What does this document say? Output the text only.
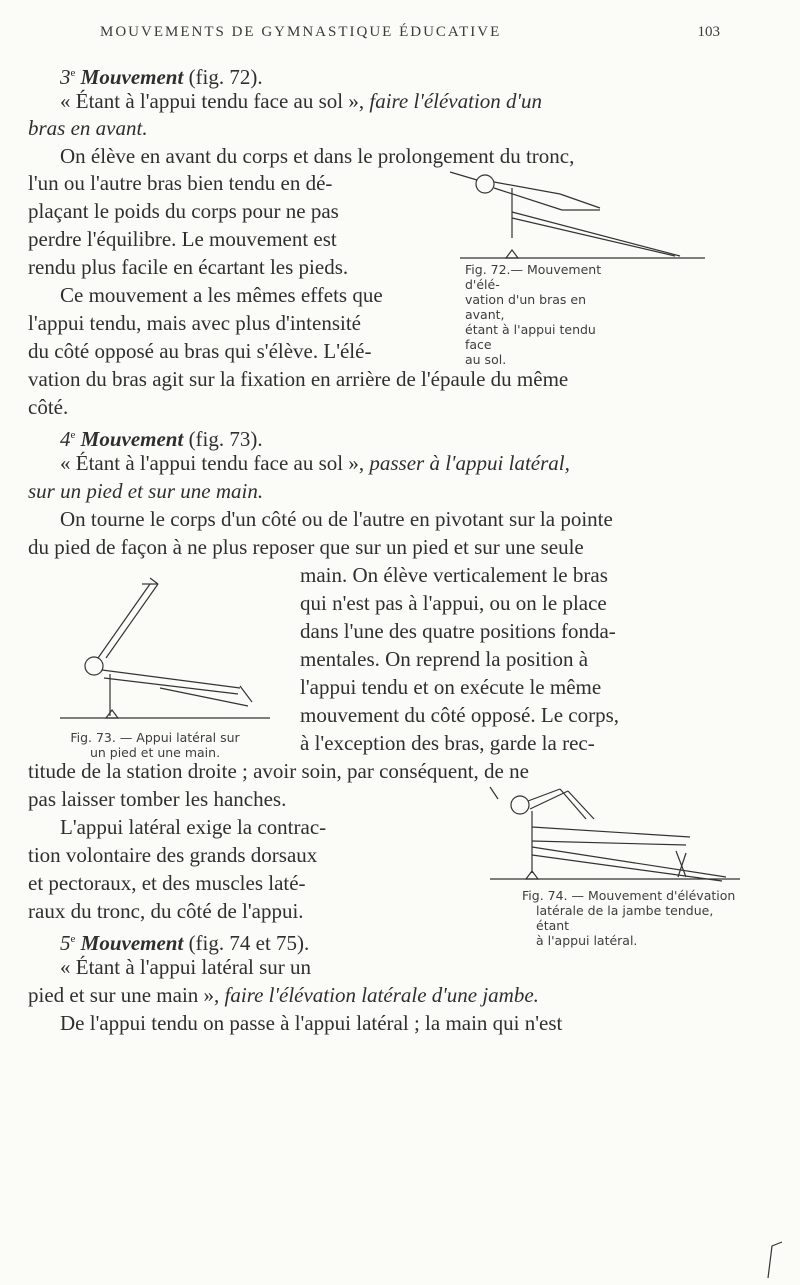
MOUVEMENTS DE GYMNASTIQUE ÉDUCATIVE	103
3e Mouvement (fig. 72).
« Étant à l'appui tendu face au sol », faire l'élévation d'un
bras en avant.
On élève en avant du corps et dans le prolongement du tronc,
l'un ou l'autre bras bien tendu en dé-
plaçant le poids du corps pour ne pas
perdre l'équilibre. Le mouvement est
rendu plus facile en écartant les pieds.
Ce mouvement a les mêmes effets que
l'appui tendu, mais avec plus d'intensité
du côté opposé au bras qui s'élève. L'élé-
vation du bras agit sur la fixation en arrière de l'épaule du même
côté.
Fig. 72.— Mouvement d'élé-
vation d'un bras en avant,
étant à l'appui tendu face
au sol.
4e Mouvement (fig. 73).
« Étant à l'appui tendu face au sol », passer à l'appui latéral,
sur un pied et sur une main.
On tourne le corps d'un côté ou de l'autre en pivotant sur la pointe
du pied de façon à ne plus reposer que sur un pied et sur une seule
main. On élève verticalement le bras
qui n'est pas à l'appui, ou on le place
dans l'une des quatre positions fonda-
mentales. On reprend la position à
l'appui tendu et on exécute le même
mouvement du côté opposé. Le corps,
à l'exception des bras, garde la rec-
titude de la station droite ; avoir soin, par conséquent, de ne
pas laisser tomber les hanches.
L'appui latéral exige la contrac-
tion volontaire des grands dorsaux
et pectoraux, et des muscles laté-
raux du tronc, du côté de l'appui.
Fig. 73. — Appui latéral sur
un pied et une main.
Fig. 74. — Mouvement d'élévation
latérale de la jambe tendue, étant
à l'appui latéral.
5e Mouvement (fig. 74 et 75).
« Étant à l'appui latéral sur un
pied et sur une main », faire l'élévation latérale d'une jambe.
De l'appui tendu on passe à l'appui latéral ; la main qui n'est
